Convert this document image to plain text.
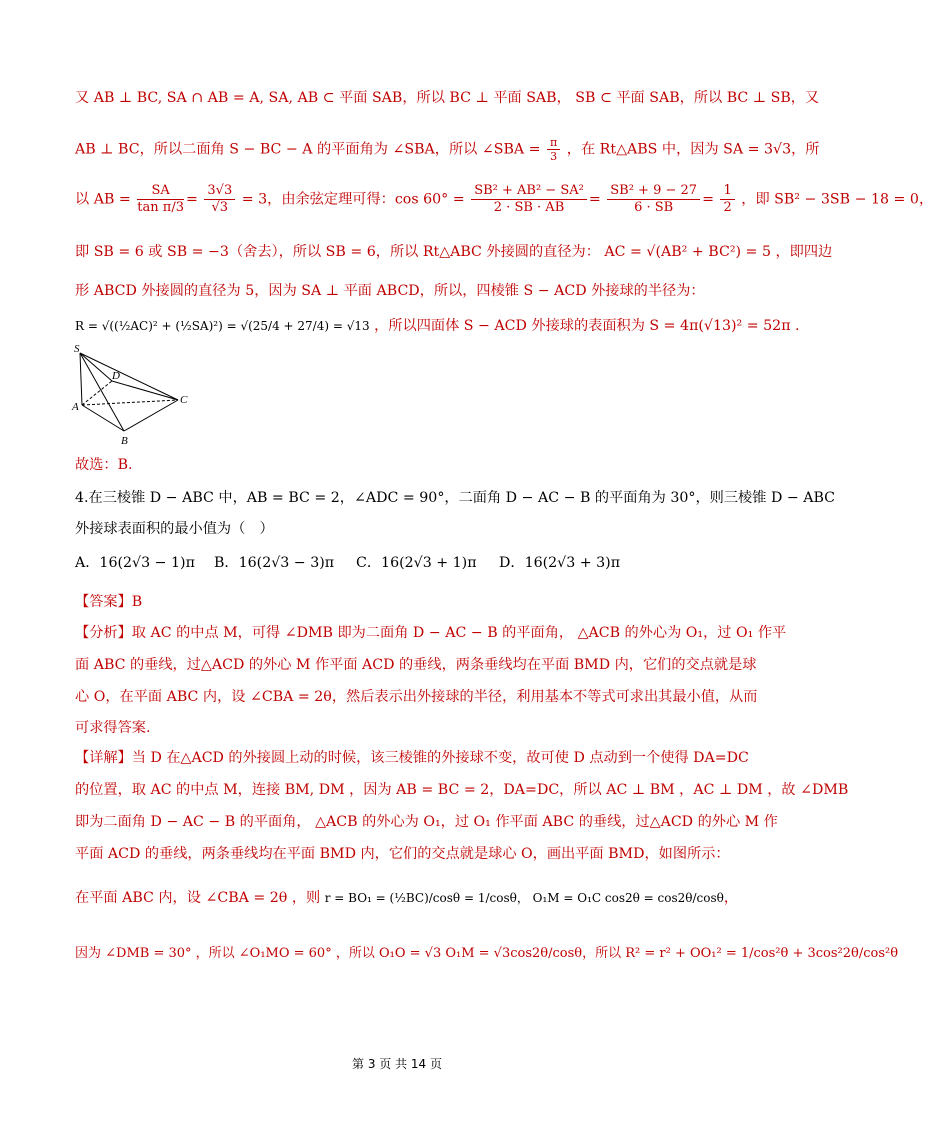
又 AB ⊥ BC, SA ∩ AB = A, SA, AB ⊂ 平面 SAB，所以 BC ⊥ 平面 SAB， SB ⊂ 平面 SAB，所以 BC ⊥ SB，又
AB ⊥ BC，所以二面角 S − BC − A 的平面角为 ∠SBA，所以 ∠SBA = $\frac{\pi}{3}$ ，在 Rt△ABS 中，因为 SA = 3√3，所
以 AB = $\frac{SA}{\text{tan π/3}} = \frac{3√3}{√3} = 3$，由余弦定理可得：$\cos 60^\circ = \frac{\text{SB² + AB² − SA²}}{2 \cdot SB \cdot AB} = \frac{\text{SB² + 9 − 27}}{6 \cdot SB} = \frac{1}{2}$ ，即 SB² − 3SB − 18 = 0，
即 SB = 6 或 SB = −3（舍去），所以 SB = 6，所以 Rt△ABC 外接圆的直径为： AC = √(AB² + BC²) = 5 ，即四边
形 ABCD 外接圆的直径为 5，因为 SA ⊥ 平面 ABCD，所以，四棱锥 S − ACD 外接球的半径为：
R = √((½AC)² + (½SA)²) = √(25/4 + 27/4) = √13 ，所以四面体 S − ACD 外接球的表面积为 S = 4π(√13)² = 52π .
S
D
A
B
C
故选：B.
4.在三棱锥 D − ABC 中，AB = BC = 2，∠ADC = 90°，二面角 D − AC − B 的平面角为 30°，则三棱锥 D − ABC
外接球表面积的最小值为（　）
A．16(2√3 − 1)π B．16(2√3 − 3)π C．16(2√3 + 1)π D．16(2√3 + 3)π
【答案】B
【分析】取 AC 的中点 M，可得 ∠DMB 即为二面角 D − AC − B 的平面角， △ACB 的外心为 O₁，过 O₁ 作平
面 ABC 的垂线，过△ACD 的外心 M 作平面 ACD 的垂线，两条垂线均在平面 BMD 内，它们的交点就是球
心 O，在平面 ABC 内，设 ∠CBA = 2θ，然后表示出外接球的半径，利用基本不等式可求出其最小值，从而
可求得答案.
【详解】当 D 在△ACD 的外接圆上动的时候，该三棱锥的外接球不变，故可使 D 点动到一个使得 DA=DC
的位置，取 AC 的中点 M，连接 BM, DM ，因为 AB = BC = 2，DA=DC，所以 AC ⊥ BM ，AC ⊥ DM ，故 ∠DMB
即为二面角 D − AC − B 的平面角， △ACB 的外心为 O₁，过 O₁ 作平面 ABC 的垂线，过△ACD 的外心 M 作
平面 ACD 的垂线，两条垂线均在平面 BMD 内，它们的交点就是球心 O，画出平面 BMD，如图所示：
在平面 ABC 内，设 ∠CBA = 2θ ，则 r = BO₁ = (½BC)/cosθ = 1/cosθ， O₁M = O₁C cos2θ = cos2θ/cosθ，
因为 ∠DMB = 30° ，所以 ∠O₁MO = 60° ，所以 O₁O = √3 O₁M = √3cos2θ/cosθ，所以 R² = r² + OO₁² = 1/cos²θ + 3cos²2θ/cos²θ
第 3 页 共 14 页
